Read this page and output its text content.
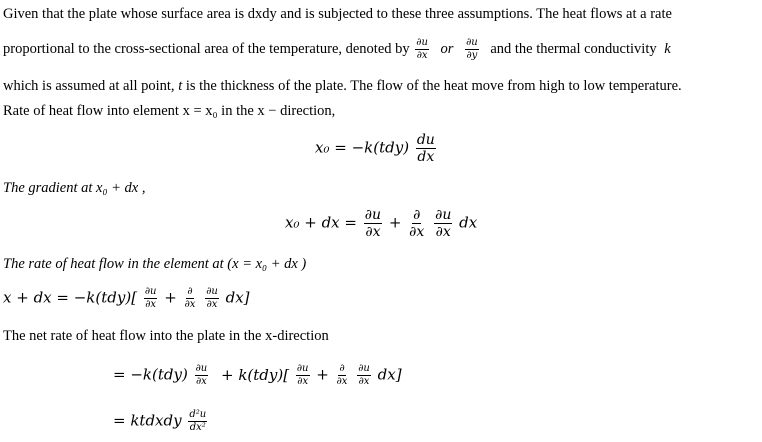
Given that the plate whose surface area is dxdy and is subjected to these three assumptions. The heat flows at a rate
proportional to the cross-sectional area of the temperature, denoted by $\frac{\partial u}{\partial x}$ or $\frac{\partial u}{\partial y}$ and the thermal conductivity k
which is assumed at all point, t is the thickness of the plate. The flow of the heat move from high to low temperature.
Rate of heat flow into element x = x₀ in the x − direction,
$x_0 = -k(tdy) \frac{du}{dx}$
The gradient at x₀ + dx ,
x₀ + dx = $\frac{\partial u}{\partial x} + \frac{\partial}{\partial x}$
$\frac{\partial u}{\partial x}$ dx
The rate of heat flow in the element at (x = x₀ + dx )
x + dx = $-k(tdy)[ \frac{\partial u}{\partial x} + \frac{\partial}{\partial x}$
$\frac{\partial u}{\partial x} dx$]
The net rate of heat flow into the plate in the x-direction
= $-k(tdy) \frac{\partial u}{\partial x} + k(tdy)[ \frac{\partial u}{\partial x} + \frac{\partial}{\partial x}$
$\frac{\partial u}{\partial x} dx$]
= ktdxdy $\frac{\text{d²u}}{\text{dx²}}$
